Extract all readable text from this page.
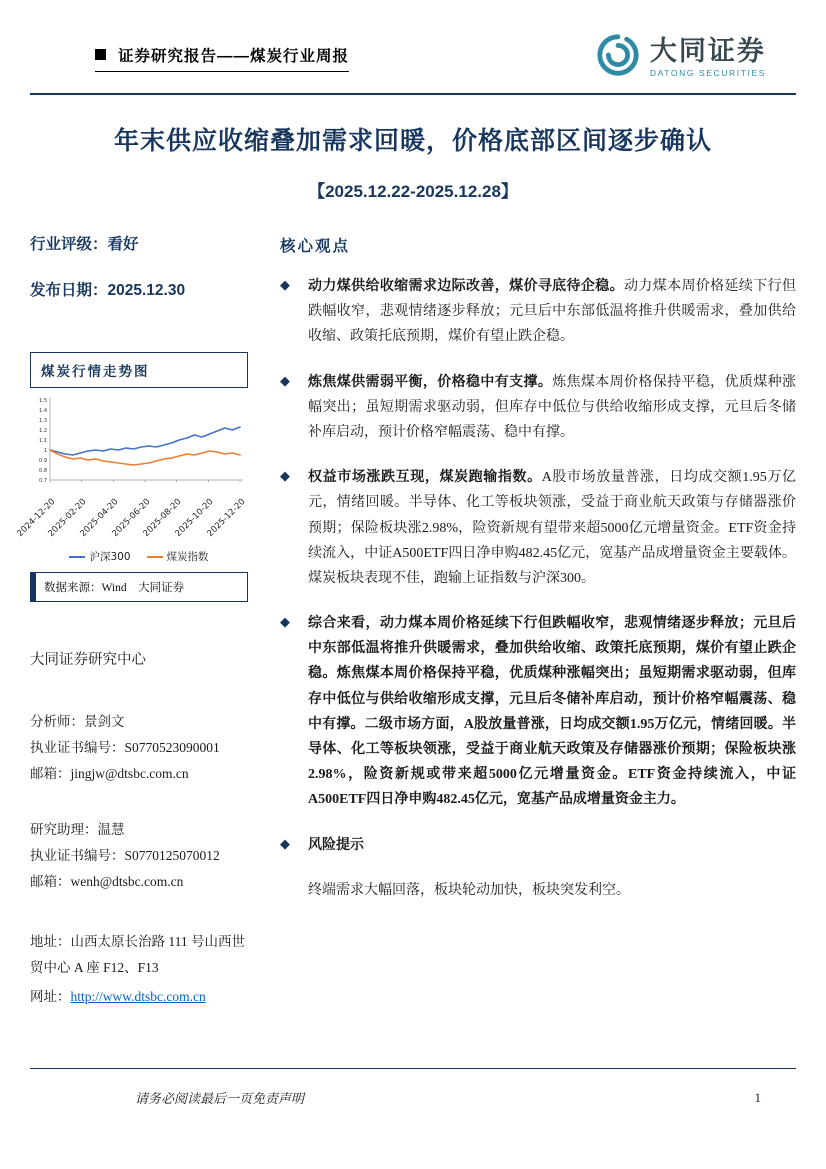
证券研究报告——煤炭行业周报	大同证券
DATONG SECURITIES
年末供应收缩叠加需求回暖，价格底部区间逐步确认
【2025.12.22-2025.12.28】
行业评级：看好
发布日期：2025.12.30
煤炭行情走势图
1.5
1.4
1.3
1.2
1.1
1
0.9
0.8
0.7
2024-12-20
2025-02-20
2025-04-20
2025-06-20
2025-08-20
2025-10-20
2025-12-20
沪深300	煤炭指数
数据来源：Wind　大同证券
大同证券研究中心
分析师：景剑文
执业证书编号：S0770523090001
邮箱：jingjw@dtsbc.com.cn
研究助理：温慧
执业证书编号：S0770125070012
邮箱：wenh@dtsbc.com.cn
地址：山西太原长治路 111 号山西世贸中心 A 座 F12、F13
网址：http://www.dtsbc.com.cn
核心观点
◆	动力煤供给收缩需求边际改善，煤价寻底待企稳。动力煤本周价格延续下行但跌幅收窄，悲观情绪逐步释放；元旦后中东部低温将推升供暖需求，叠加供给收缩、政策托底预期，煤价有望止跌企稳。

◆	炼焦煤供需弱平衡，价格稳中有支撑。炼焦煤本周价格保持平稳，优质煤种涨幅突出；虽短期需求驱动弱，但库存中低位与供给收缩形成支撑，元旦后冬储补库启动，预计价格窄幅震荡、稳中有撑。

◆	权益市场涨跌互现，煤炭跑输指数。A股市场放量普涨，日均成交额1.95万亿元，情绪回暖。半导体、化工等板块领涨，受益于商业航天政策与存储器涨价预期；保险板块涨2.98%，险资新规有望带来超5000亿元增量资金。ETF资金持续流入，中证A500ETF四日净申购482.45亿元，宽基产品成增量资金主要载体。煤炭板块表现不佳，跑输上证指数与沪深300。

◆	综合来看，动力煤本周价格延续下行但跌幅收窄，悲观情绪逐步释放；元旦后中东部低温将推升供暖需求，叠加供给收缩、政策托底预期，煤价有望止跌企稳。炼焦煤本周价格保持平稳，优质煤种涨幅突出；虽短期需求驱动弱，但库存中低位与供给收缩形成支撑，元旦后冬储补库启动，预计价格窄幅震荡、稳中有撑。二级市场方面，A股放量普涨，日均成交额1.95万亿元，情绪回暖。半导体、化工等板块领涨，受益于商业航天政策及存储器涨价预期；保险板块涨2.98%，险资新规或带来超5000亿元增量资金。ETF资金持续流入，中证A500ETF四日净申购482.45亿元，宽基产品成增量资金主力。

◆	风险提示

终端需求大幅回落，板块轮动加快，板块突发利空。

请务必阅读最后一页免责声明	1
